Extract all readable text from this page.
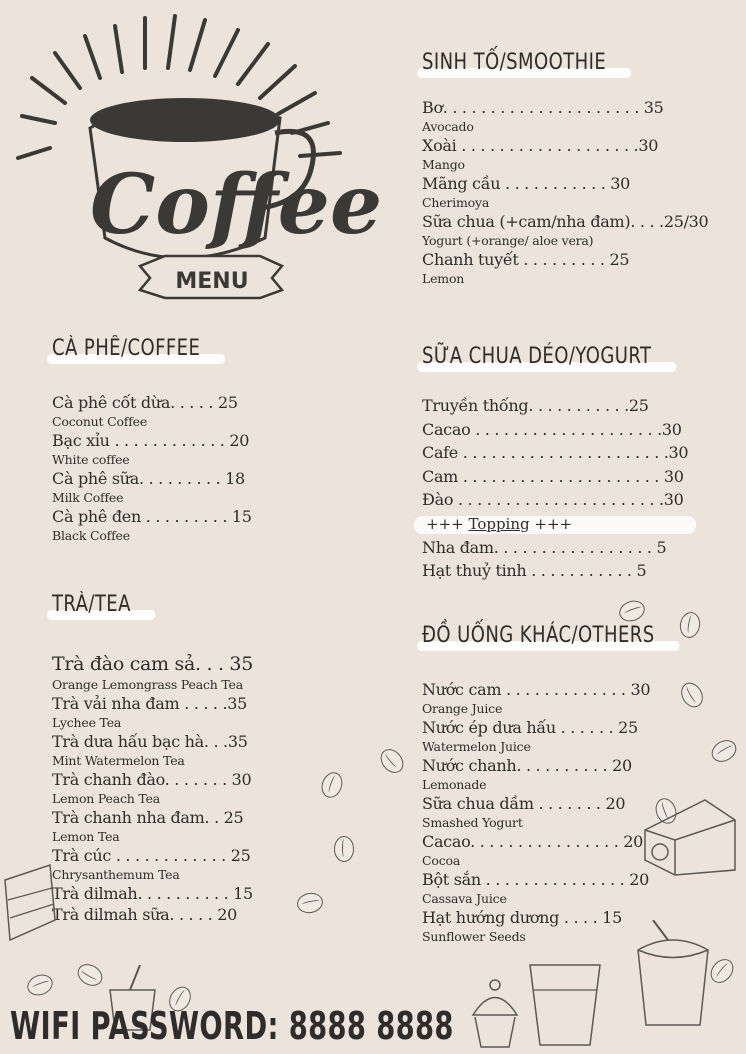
Coffee
MENU
CÀ PHÊ/COFFEE
Cà phê cốt dừa. . . . . 25
Coconut Coffee
Bạc xỉu . . . . . . . . . . . . 20
White coffee
Cà phê sữa. . . . . . . . . 18
Milk Coffee
Cà phê đen . . . . . . . . . 15
Black Coffee
TRÀ/TEA
Trà đào cam sả. . . 35
Orange Lemongrass Peach Tea
Trà vải nha đam . . . . .35
Lychee Tea
Trà dưa hấu bạc hà. . .35
Mint Watermelon Tea
Trà chanh đào. . . . . . . 30
Lemon Peach Tea
Trà chanh nha đam. . 25
Lemon Tea
Trà cúc . . . . . . . . . . . . 25
Chrysanthemum Tea
Trà dilmah. . . . . . . . . . 15
Trà dilmah sữa. . . . . 20
SINH TỐ/SMOOTHIE
Bơ. . . . . . . . . . . . . . . . . . . . . 35
Avocado
Xoài . . . . . . . . . . . . . . . . . . .30
Mango
Mãng cầu . . . . . . . . . . . 30
Cherimoya
Sữa chua (+cam/nha đam). . . .25/30
Yogurt (+orange/ aloe vera)
Chanh tuyết . . . . . . . . . 25
Lemon
SỮA CHUA DẺO/YOGURT
Truyền thống. . . . . . . . . . .25
Cacao . . . . . . . . . . . . . . . . . . . .30
Cafe . . . . . . . . . . . . . . . . . . . . . .30
Cam . . . . . . . . . . . . . . . . . . . . . 30
Đào . . . . . . . . . . . . . . . . . . . . . .30
+++ Topping +++
Nha đam. . . . . . . . . . . . . . . . . 5
Hạt thuỷ tinh . . . . . . . . . . . 5
ĐỒ UỐNG KHÁC/OTHERS
Nước cam . . . . . . . . . . . . . 30
Orange Juice
Nước ép dưa hấu . . . . . . 25
Watermelon Juice
Nước chanh. . . . . . . . . . 20
Lemonade
Sữa chua dầm . . . . . . . 20
Smashed Yogurt
Cacao. . . . . . . . . . . . . . . . 20
Cocoa
Bột sắn . . . . . . . . . . . . . . . 20
Cassava Juice
Hạt hướng dương . . . . 15
Sunflower Seeds
WIFI PASSWORD: 8888 8888
